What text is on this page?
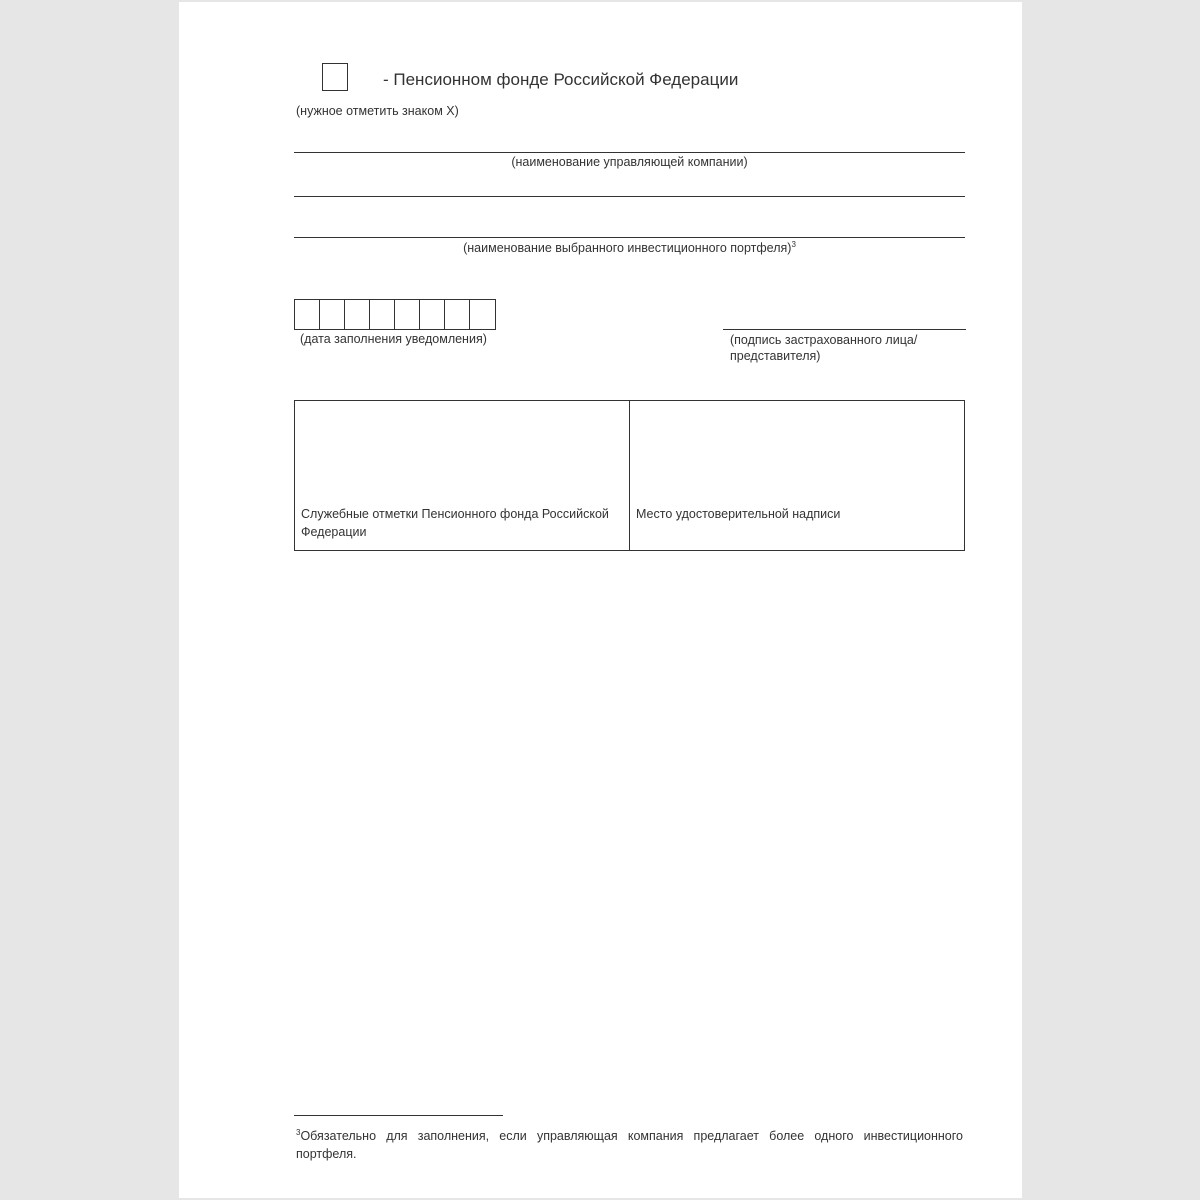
- Пенсионном фонде Российской Федерации
(нужное отметить знаком X)
(наименование управляющей компании)
(наименование выбранного инвестиционного портфеля)$^3$
(дата заполнения уведомления)	(подпись застрахованного лица/ представителя)
Служебные отметки Пенсионного фонда Российской Федерации
Место удостоверительной надписи
$^3$Обязательно для заполнения, если управляющая компания предлагает более одного инвестиционного портфеля.
